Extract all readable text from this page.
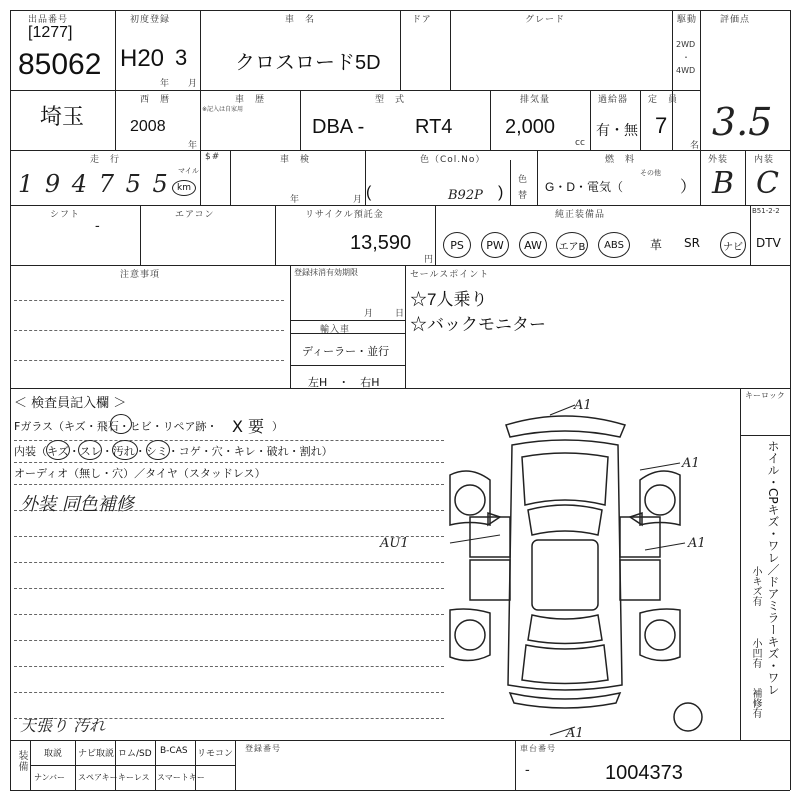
出品番号
[1277]
85062
初度登録
H20 3
年 月
車　名
クロスロード5D
ドア	グレード	駆動
2WD
・
4WD
評価点
3.5
埼玉
西　暦
2008
年
車　歴
※記入は自家用
型　式
DBA -	RT4
排気量
2,000
cc
過給器
有・無
定　員
7
名
走　行
1 9 4 7 5 5 マイル
km
$#	車　検
年	月
色（Col.No）
(	B92P )
色
替
燃　料
G・D・電気（
その他
）
外装	内装
B C
シフト
-
エアコン	リサイクル預託金
13,590
円
純正装備品	B51-2-2
PS PW AW エアB ABS 革 SR ナビ DTV
注意事項	登録抹消有効期限
月 日
輸入車
ディーラー・並行
左H　・　右H
セールスポイント
☆7人乗り
☆バックモニター
＜ 検査員記入欄 ＞
Fガラス（キズ・飛石・ヒビ・リペア跡・ X 要 ）
内装（キズ・スレ・汚れ・シミ・コゲ・穴・キレ・破れ・割れ）
オーディオ（無し・穴）／タイヤ（スタッドレス）
外装 同色補修
天張り 汚れ
A1
A1
A1
AU1
A1
キーロック
ホイル・CPキズ・ワレ／ドアミラーキズ・ワレ
小キズ有
小凹有
補修有
装備 取説 ナビ取説 ロム/SD B-CAS リモコン
ナンバー スペアキー キーレス スマートキー
登録番号	車台番号
-	1004373
